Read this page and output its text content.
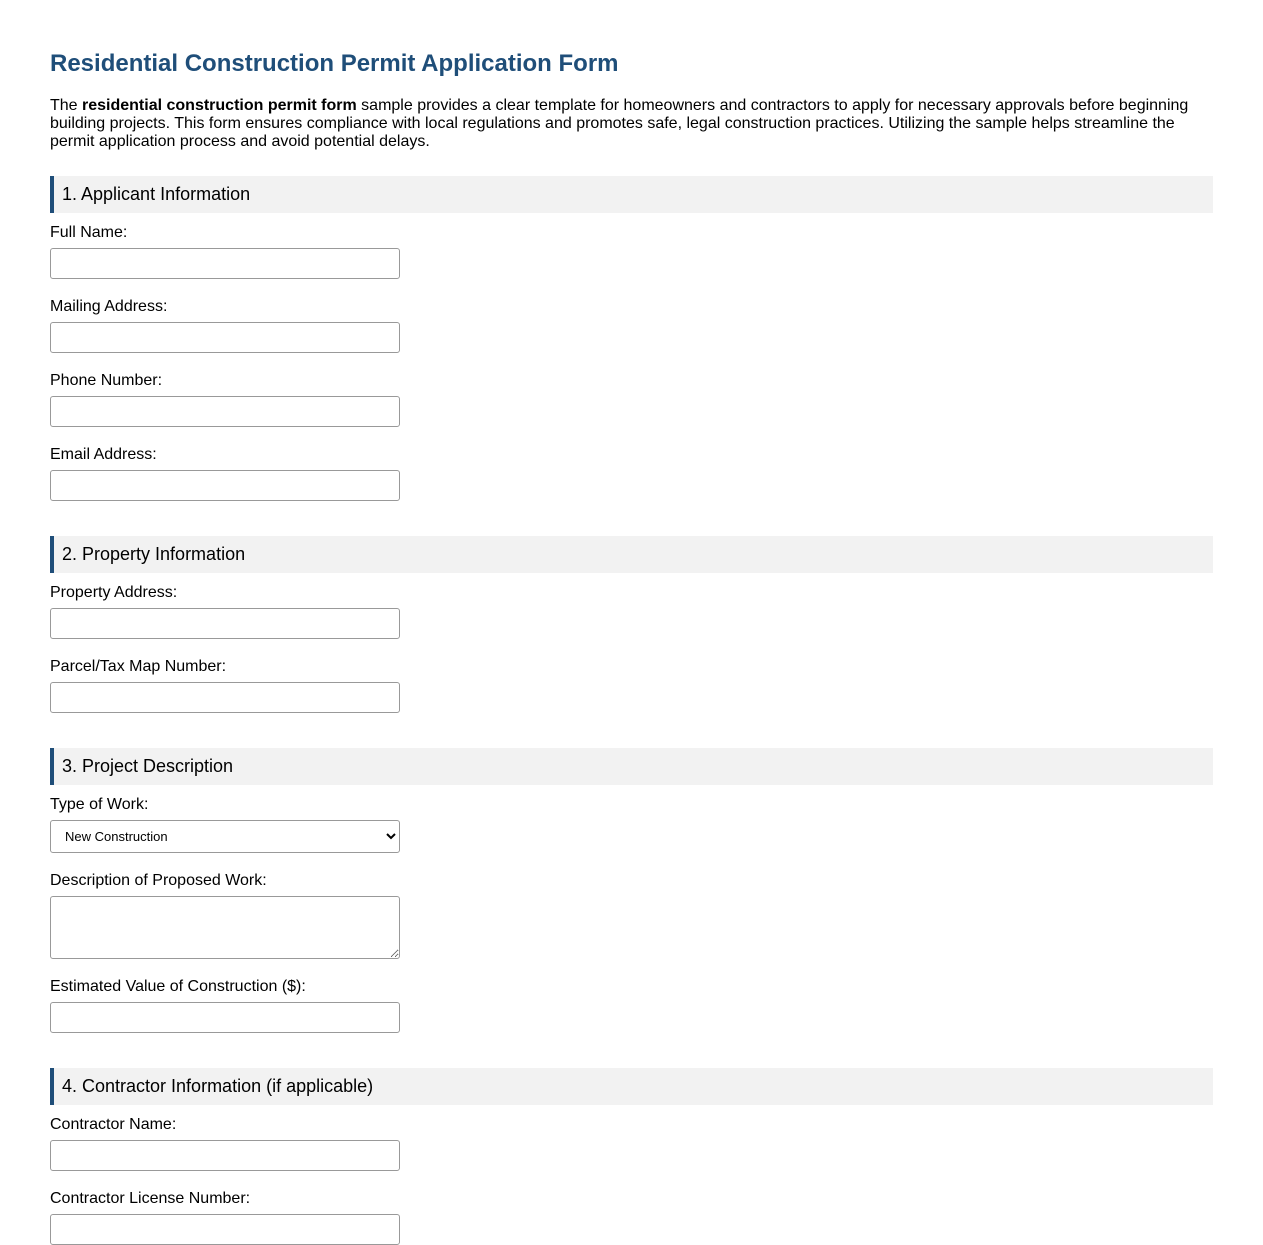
Residential Construction Permit Application Form

The residential construction permit form sample provides a clear template for homeowners and contractors to apply for necessary approvals before beginning building projects. This form ensures compliance with local regulations and promotes safe, legal construction practices. Utilizing the sample helps streamline the permit application process and avoid potential delays.

1. Applicant Information
Full Name:
Mailing Address:
Phone Number:
Email Address:
2. Property Information
Property Address:
Parcel/Tax Map Number:
3. Project Description
Type of Work:
New Construction
Description of Proposed Work:
Estimated Value of Construction ($):
4. Contractor Information (if applicable)
Contractor Name:
Contractor License Number:
